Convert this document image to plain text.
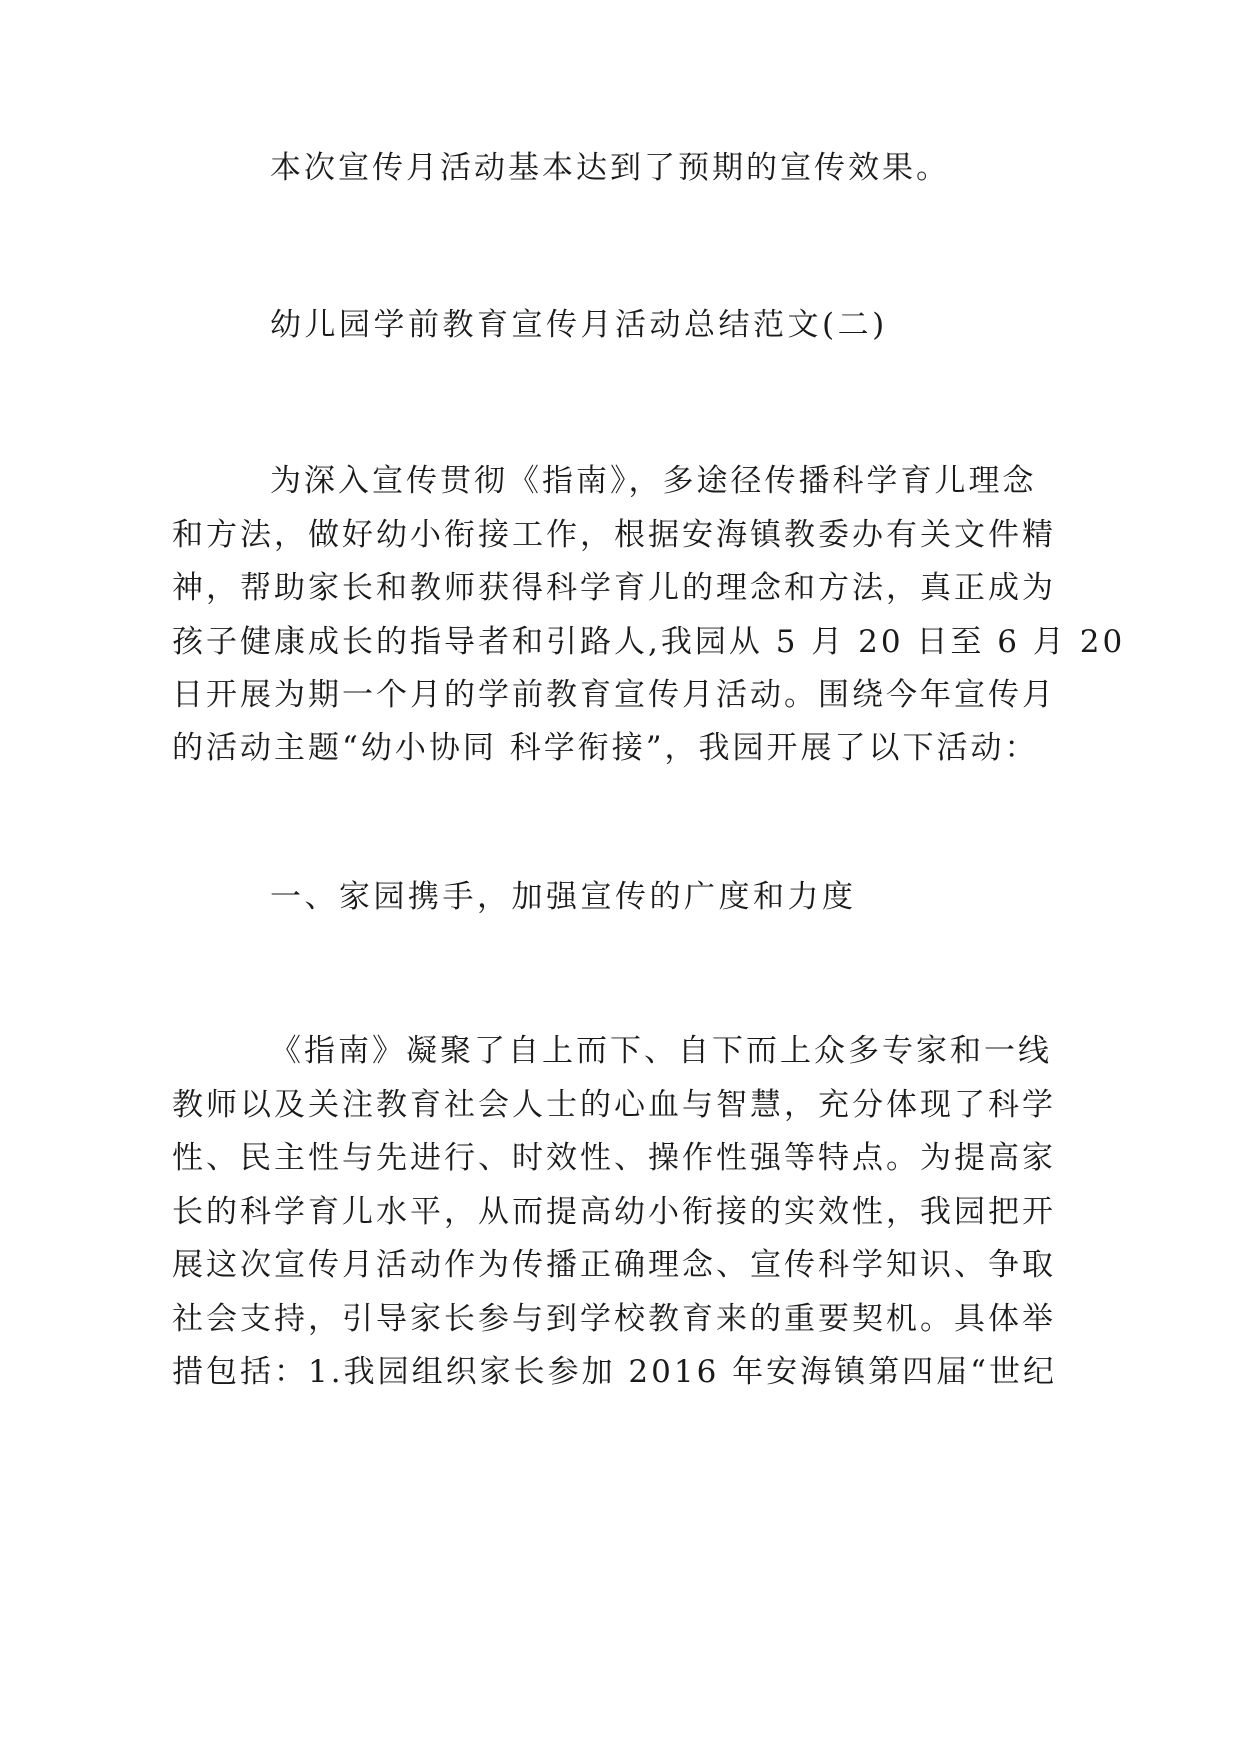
本次宣传月活动基本达到了预期的宣传效果。
幼儿园学前教育宣传月活动总结范文(二)
为深入宣传贯彻《指南》，多途径传播科学育儿理念
和方法，做好幼小衔接工作，根据安海镇教委办有关文件精
神，帮助家长和教师获得科学育儿的理念和方法，真正成为
孩子健康成长的指导者和引路人,我园从 5 月 20 日至 6 月 20
日开展为期一个月的学前教育宣传月活动。围绕今年宣传月
的活动主题“幼小协同 科学衔接”，我园开展了以下活动：
一、家园携手，加强宣传的广度和力度
《指南》凝聚了自上而下、自下而上众多专家和一线
教师以及关注教育社会人士的心血与智慧，充分体现了科学
性、民主性与先进行、时效性、操作性强等特点。为提高家
长的科学育儿水平，从而提高幼小衔接的实效性，我园把开
展这次宣传月活动作为传播正确理念、宣传科学知识、争取
社会支持，引导家长参与到学校教育来的重要契机。具体举
措包括：1.我园组织家长参加 2016 年安海镇第四届“世纪
